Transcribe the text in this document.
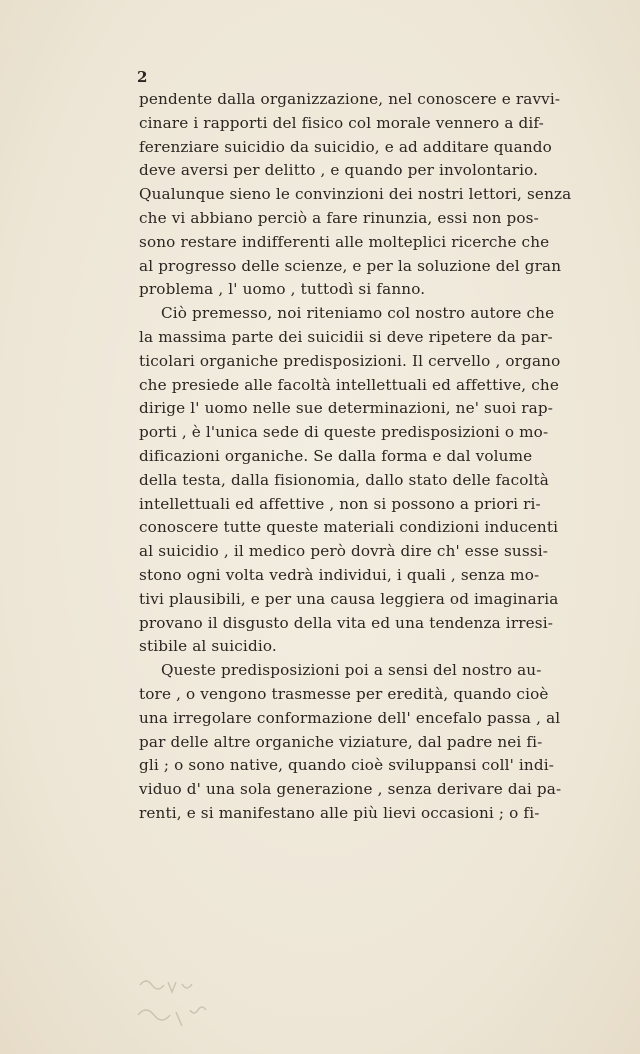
2
pendente dalla organizzazione, nel conoscere e ravvi-
cinare i rapporti del fisico col morale vennero a dif-
ferenziare suicidio da suicidio, e ad additare quando
deve aversi per delitto , e quando per involontario.
Qualunque sieno le convinzioni dei nostri lettori, senza
che vi abbiano perciò a fare rinunzia, essi non pos-
sono restare indifferenti alle molteplici ricerche che
al progresso delle scienze, e per la soluzione del gran
problema , l' uomo , tuttodì si fanno.
Ciò premesso, noi riteniamo col nostro autore che
la massima parte dei suicidii si deve ripetere da par-
ticolari organiche predisposizioni. Il cervello , organo
che presiede alle facoltà intellettuali ed affettive, che
dirige l' uomo nelle sue determinazioni, ne' suoi rap-
porti , è l'unica sede di queste predisposizioni o mo-
dificazioni organiche. Se dalla forma e dal volume
della testa, dalla fisionomia, dallo stato delle facoltà
intellettuali ed affettive , non si possono a priori ri-
conoscere tutte queste materiali condizioni inducenti
al suicidio , il medico però dovrà dire ch' esse sussi-
stono ogni volta vedrà individui, i quali , senza mo-
tivi plausibili, e per una causa leggiera od imaginaria
provano il disgusto della vita ed una tendenza irresi-
stibile al suicidio.
Queste predisposizioni poi a sensi del nostro au-
tore , o vengono trasmesse per eredità, quando cioè
una irregolare conformazione dell' encefalo passa , al
par delle altre organiche viziature, dal padre nei fi-
gli ; o sono native, quando cioè sviluppansi coll' indi-
viduo d' una sola generazione , senza derivare dai pa-
renti, e si manifestano alle più lievi occasioni ; o fi-
